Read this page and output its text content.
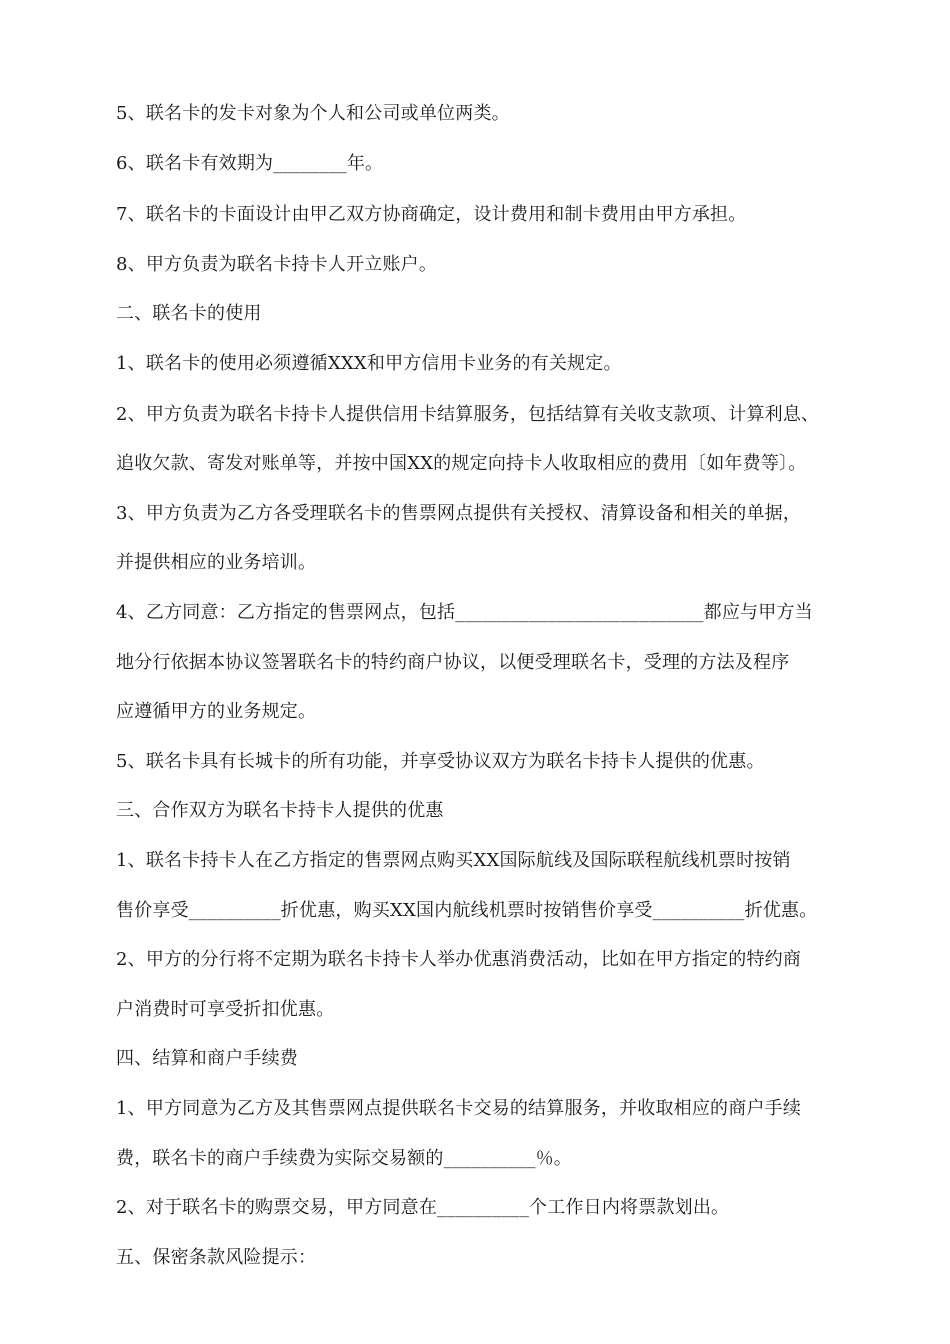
5、联名卡的发卡对象为个人和公司或单位两类。
6、联名卡有效期为________年。
7、联名卡的卡面设计由甲乙双方协商确定，设计费用和制卡费用由甲方承担。
8、甲方负责为联名卡持卡人开立账户。
二、联名卡的使用
1、联名卡的使用必须遵循XXX和甲方信用卡业务的有关规定。
2、甲方负责为联名卡持卡人提供信用卡结算服务，包括结算有关收支款项、计算利息、
追收欠款、寄发对账单等，并按中国XX的规定向持卡人收取相应的费用〔如年费等〕。
3、甲方负责为乙方各受理联名卡的售票网点提供有关授权、清算设备和相关的单据，
并提供相应的业务培训。
4、乙方同意：乙方指定的售票网点，包括___________________________都应与甲方当
地分行依据本协议签署联名卡的特约商户协议，以便受理联名卡，受理的方法及程序
应遵循甲方的业务规定。
5、联名卡具有长城卡的所有功能，并享受协议双方为联名卡持卡人提供的优惠。
三、合作双方为联名卡持卡人提供的优惠
1、联名卡持卡人在乙方指定的售票网点购买XX国际航线及国际联程航线机票时按销
售价享受__________折优惠，购买XX国内航线机票时按销售价享受__________折优惠。
2、甲方的分行将不定期为联名卡持卡人举办优惠消费活动，比如在甲方指定的特约商
户消费时可享受折扣优惠。
四、结算和商户手续费
1、甲方同意为乙方及其售票网点提供联名卡交易的结算服务，并收取相应的商户手续
费，联名卡的商户手续费为实际交易额的__________％。
2、对于联名卡的购票交易，甲方同意在__________个工作日内将票款划出。
五、保密条款风险提示：
